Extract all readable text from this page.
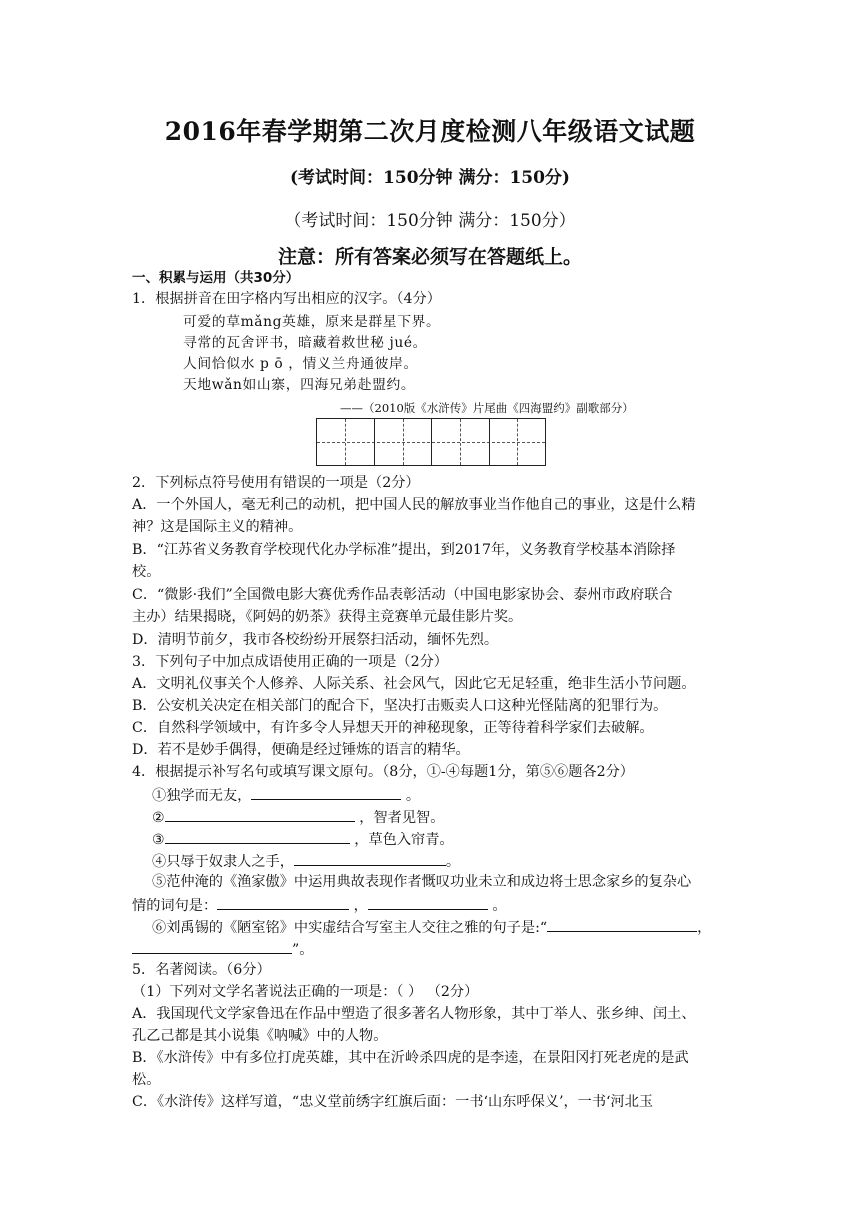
2016年春学期第二次月度检测八年级语文试题
(考试时间：150分钟 满分：150分)
（考试时间：150分钟 满分：150分）
注意：所有答案必须写在答题纸上。
一、积累与运用（共30分）
1．根据拼音在田字格内写出相应的汉字。（4分）
可爱的草mǎng英雄，原来是群星下界。
寻常的瓦舍评书，暗藏着救世秘 jué。
人间恰似水 p ō ，情义兰舟通彼岸。
天地wǎn如山寨，四海兄弟赴盟约。
——（2010版《水浒传》片尾曲《四海盟约》副歌部分）
2．下列标点符号使用有错误的一项是（2分）
A．一个外国人，毫无利己的动机，把中国人民的解放事业当作他自己的事业，这是什么精
神？这是国际主义的精神。
B．“江苏省义务教育学校现代化办学标准”提出，到2017年，义务教育学校基本消除择
校。
C．“微影·我们”全国微电影大赛优秀作品表彰活动（中国电影家协会、泰州市政府联合
主办）结果揭晓，《阿妈的奶茶》获得主竞赛单元最佳影片奖。
D．清明节前夕，我市各校纷纷开展祭扫活动，缅怀先烈。
3．下列句子中加点成语使用正确的一项是（2分）
A．文明礼仪事关个人修养、人际关系、社会风气，因此它无足轻重，绝非生活小节问题。
B．公安机关决定在相关部门的配合下，坚决打击贩卖人口这种光怪陆离的犯罪行为。
C．自然科学领域中，有许多令人异想天开的神秘现象，正等待着科学家们去破解。
D．若不是妙手偶得，便确是经过锤炼的语言的精华。
4．根据提示补写名句或填写课文原句。（8分，①-④每题1分，第⑤⑥题各2分）
①独学而无友，	。
②	，智者见智。
③	，草色入帘青。
④只辱于奴隶人之手，	。
⑤范仲淹的《渔家傲》中运用典故表现作者慨叹功业未立和成边将士思念家乡的复杂心
情的词句是：	，	。
⑥刘禹锡的《陋室铭》中实虚结合写室主人交往之雅的句子是:“	，
”。
5．名著阅读。（6分）
（1）下列对文学名著说法正确的一项是：（ ） （2分）
A．我国现代文学家鲁迅在作品中塑造了很多著名人物形象，其中丁举人、张乡绅、闰土、
孔乙己都是其小说集《呐喊》中的人物。
B．《水浒传》中有多位打虎英雄，其中在沂岭杀四虎的是李逵，在景阳冈打死老虎的是武
松。
C．《水浒传》这样写道，“忠义堂前绣字红旗后面：一书‘山东呼保义’，一书‘河北玉
